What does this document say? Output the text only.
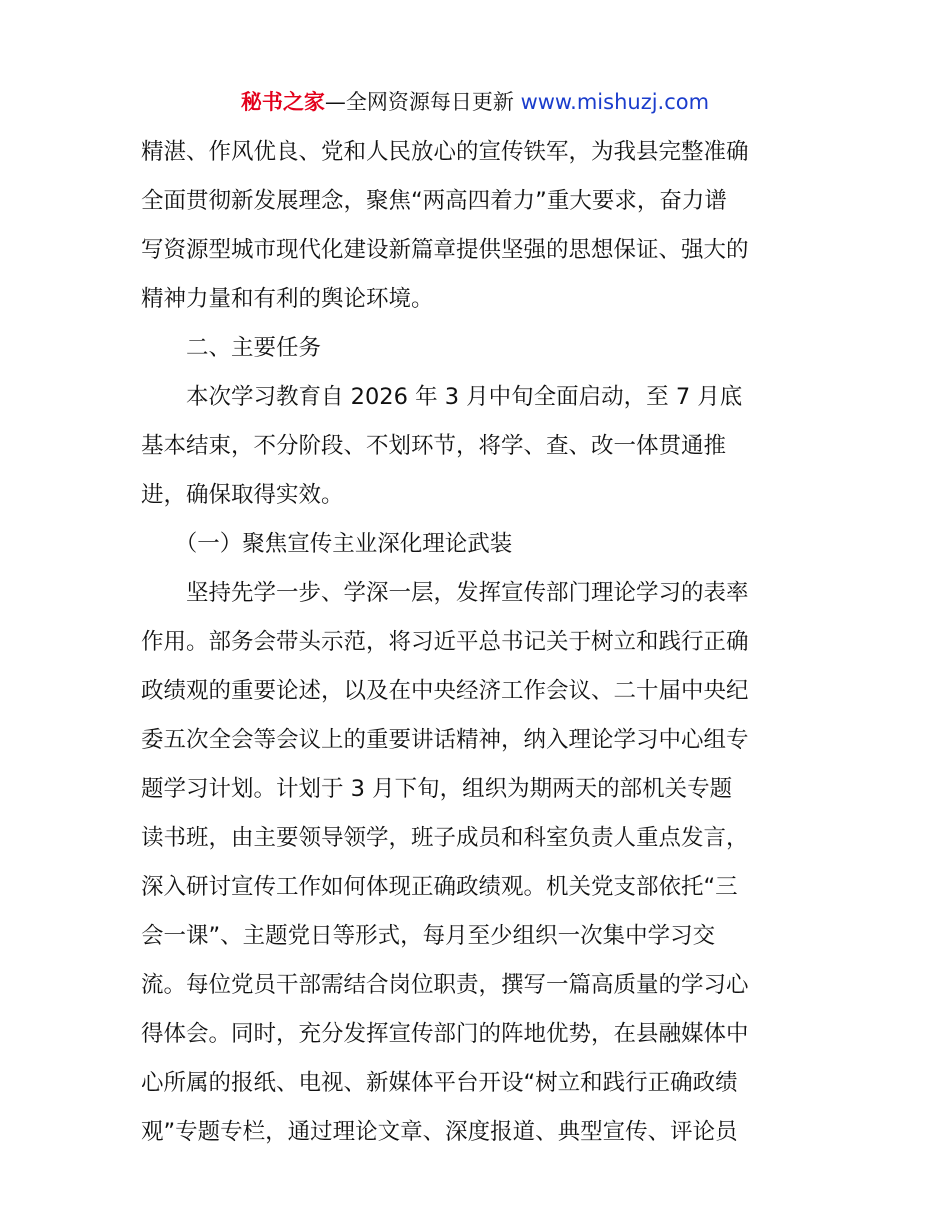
秘书之家—全网资源每日更新 www.mishuzj.com
精湛、作风优良、党和人民放心的宣传铁军，为我县完整准确
全面贯彻新发展理念，聚焦“两高四着力”重大要求，奋力谱
写资源型城市现代化建设新篇章提供坚强的思想保证、强大的
精神力量和有利的舆论环境。
　　二、主要任务
　　本次学习教育自 2026 年 3 月中旬全面启动，至 7 月底
基本结束，不分阶段、不划环节，将学、查、改一体贯通推
进，确保取得实效。
　　（一）聚焦宣传主业深化理论武装
　　坚持先学一步、学深一层，发挥宣传部门理论学习的表率
作用。部务会带头示范，将习近平总书记关于树立和践行正确
政绩观的重要论述，以及在中央经济工作会议、二十届中央纪
委五次全会等会议上的重要讲话精神，纳入理论学习中心组专
题学习计划。计划于 3 月下旬，组织为期两天的部机关专题
读书班，由主要领导领学，班子成员和科室负责人重点发言，
深入研讨宣传工作如何体现正确政绩观。机关党支部依托“三
会一课”、主题党日等形式，每月至少组织一次集中学习交
流。每位党员干部需结合岗位职责，撰写一篇高质量的学习心
得体会。同时，充分发挥宣传部门的阵地优势，在县融媒体中
心所属的报纸、电视、新媒体平台开设“树立和践行正确政绩
观”专题专栏，通过理论文章、深度报道、典型宣传、评论员
